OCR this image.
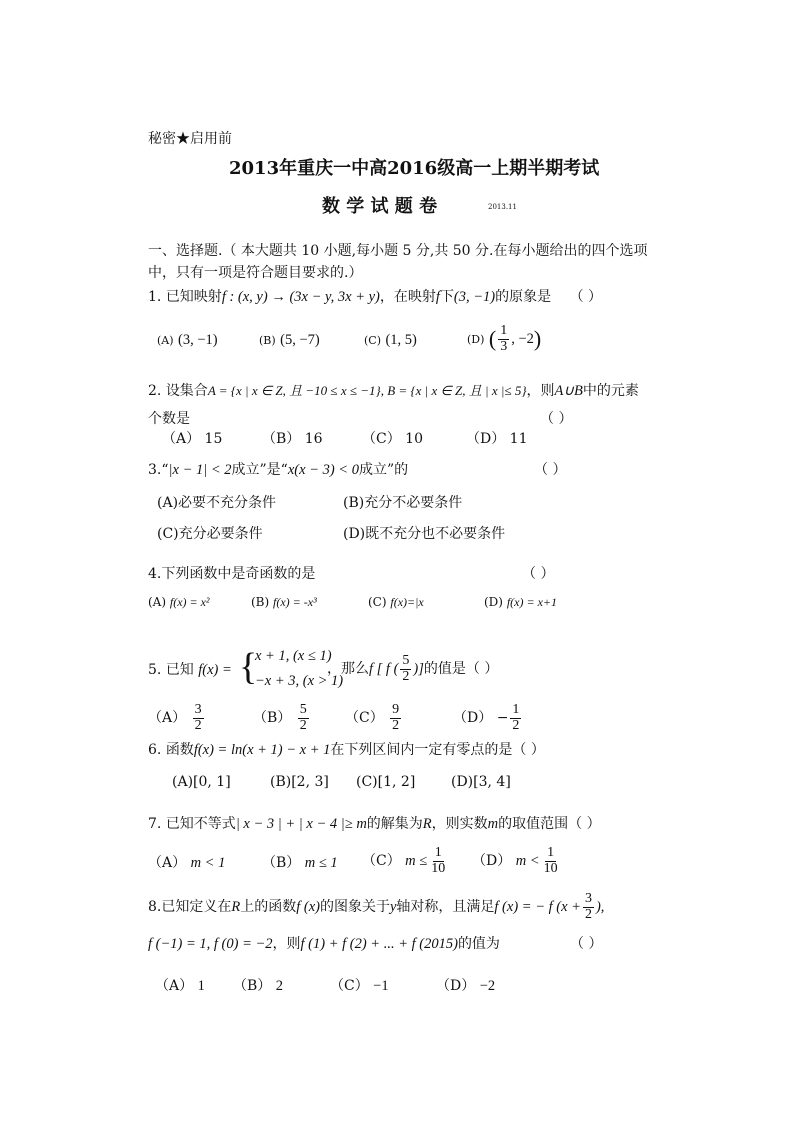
秘密★启用前
2013年重庆一中高2016级高一上期半期考试
数 学 试 题 卷	2013.11
一、选择题.（ 本大题共 10 小题,每小题 5 分,共 50 分.在每小题给出的四个选项
中，只有一项是符合题目要求的.）
1. 已知映射f : (x, y) → (3x − y, 3x + y)，在映射f下(3, −1)的原象是 （ ）
(A) (3, −1)	(B) (5, −7)	(C) (1, 5)	(D) ( $\frac{1}{3}$ , −2)
2. 设集合A = {x | x ∈ Z, 且 −10 ≤ x ≤ −1}, B = {x | x ∈ Z, 且 | x |≤ 5}，则A∪B中的元素
个数是	（ ）
（A） 15	（B） 16	（C） 10	（D） 11
3.“|x − 1| < 2成立”是“x(x − 3) < 0成立”的	（ ）
(A)必要不充分条件	(B)充分不必要条件
(C)充分必要条件	(D)既不充分也不必要条件
4.下列函数中是奇函数的是	（ ）
(A) f(x) = x²	(B) f(x) = -x³	(C) f(x)=|x	(D) f(x) = x+1
5. 已知 f(x) = {
x + 1, (x ≤ 1)
−x + 3, (x > 1)
，那么f [ f ( $\frac{5}{2}$ )]的值是（ ）
$(A) \frac{3}{2}$	$(B) \frac{5}{2}$	$(C) \frac{9}{2}$	$(D) - \frac{1}{2}$
6. 函数f(x) = ln(x + 1) − x + 1在下列区间内一定有零点的是（ ）
(A)[0, 1]	(B)[2, 3] (C)[1, 2]	(D)[3, 4]
7. 已知不等式| x − 3 | + | x − 4 |≥ m的解集为R，则实数m的取值范围（ ）
（A） m < 1	（B） m ≤ 1 （C） $m \le \frac{1}{10} (D) m < \frac{1}{10}$
8.已知定义在R上的函数f (x)的图象关于y轴对称，且满足f (x) = − f ($x + \frac{3}{2}$ ),
f (−1) = 1, f (0) = −2，则f (1) + f (2) + ... + f (2015)的值为	（ ）
（A） 1 （B） 2	（C） −1	（D） −2
